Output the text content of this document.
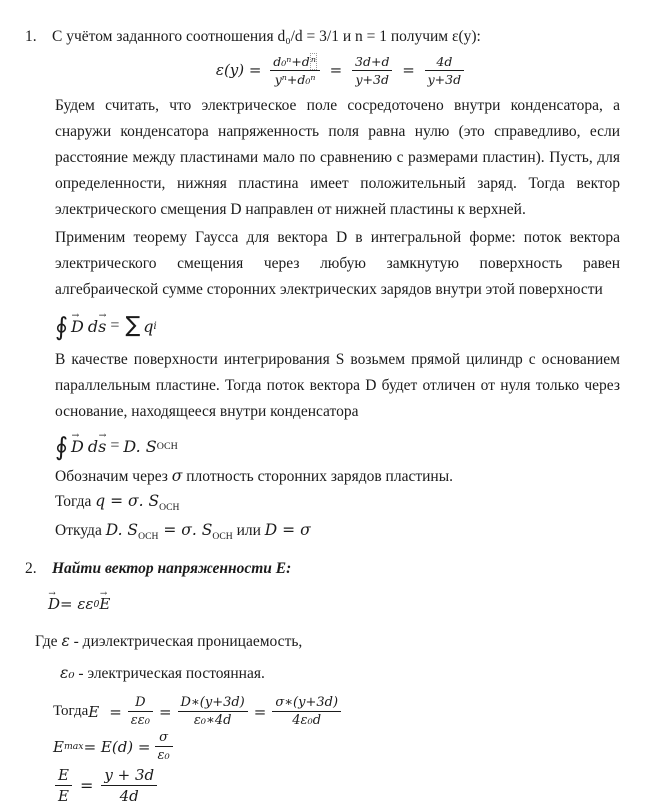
1. С учётом заданного соотношения d₀/d = 3/1 и n = 1 получим ε(y):
$\varepsilon(y) = \frac{\text{d₀ⁿ+dⁿ}}{\text{yⁿ+d₀ⁿ}} = \frac{3d+d}{y+3d} = \frac{4d}{y+3d}$

Будем считать, что электрическое поле сосредоточено внутри конденсатора, а снаружи конденсатора напряженность поля равна нулю (это справедливо, если расстояние между пластинами мало по сравнению с размерами пластин). Пусть, для определенности, нижняя пластина имеет положительный заряд. Тогда вектор электрического смещения D направлен от нижней пластины к верхней.

Применим теорему Гаусса для вектора D в интегральной форме: поток вектора электрического смещения через любую замкнутую поверхность равен алгебраической сумме сторонних электрических зарядов внутри этой поверхности

∮ → D d → s = ∑ q i

В качестве поверхности интегрирования S возьмем прямой цилиндр с основанием параллельным пластине. Тогда поток вектора D будет отличен от нуля только через основание, находящееся внутри конденсатора

∮ → D d → s = D. S ОСН
Обозначим через σ плотность сторонних зарядов пластины.
Тогда q = σ. $S_{ОСН}$
Откуда D. $S_{ОСН} = \sigma$. $S_{ОСН}$ или D = σ
2. Найти вектор напряженности Е:
→ D = εε 0 → E
Где ε - диэлектрическая проницаемость,
ε₀ - электрическая постоянная.
Тогда $E = \frac{D}{\text{εε₀}} = \frac{D∗(y+3d)}{\text{ε₀∗4d}} = \frac{\sigma∗(y+3d)}{\text{4ε₀d}}$
E $\max = E(d) = \frac{\sigma}{\text{ε₀}}$
$\frac{E}{E} = \frac{y + 3d}{4d}$
